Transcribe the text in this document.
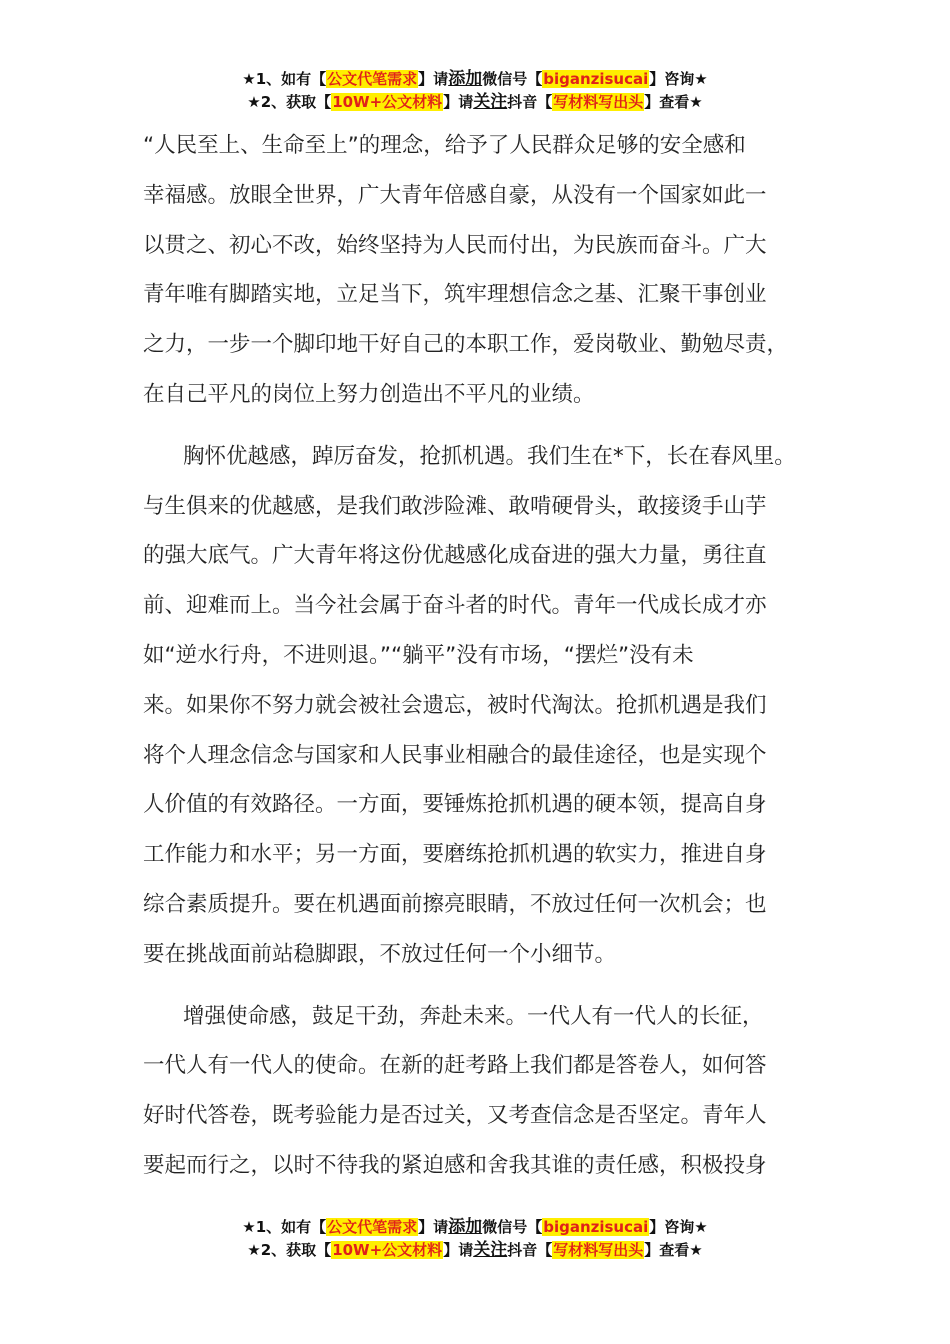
★1、如有【公文代笔需求】请添加微信号【biganzisucai】咨询★
★2、获取【10W+公文材料】请关注抖音【写材料写出头】查看★

“人民至上、生命至上”的理念，给予了人民群众足够的安全感和
幸福感。放眼全世界，广大青年倍感自豪，从没有一个国家如此一
以贯之、初心不改，始终坚持为人民而付出，为民族而奋斗。广大
青年唯有脚踏实地，立足当下，筑牢理想信念之基、汇聚干事创业
之力，一步一个脚印地干好自己的本职工作，爱岗敬业、勤勉尽责，
在自己平凡的岗位上努力创造出不平凡的业绩。

胸怀优越感，踔厉奋发，抢抓机遇。我们生在*下，长在春风里。
与生俱来的优越感，是我们敢涉险滩、敢啃硬骨头，敢接烫手山芋
的强大底气。广大青年将这份优越感化成奋进的强大力量，勇往直
前、迎难而上。当今社会属于奋斗者的时代。青年一代成长成才亦
如“逆水行舟，不进则退。”“躺平”没有市场，“摆烂”没有未
来。如果你不努力就会被社会遗忘，被时代淘汰。抢抓机遇是我们
将个人理念信念与国家和人民事业相融合的最佳途径，也是实现个
人价值的有效路径。一方面，要锤炼抢抓机遇的硬本领，提高自身
工作能力和水平；另一方面，要磨练抢抓机遇的软实力，推进自身
综合素质提升。要在机遇面前擦亮眼睛，不放过任何一次机会；也
要在挑战面前站稳脚跟，不放过任何一个小细节。

增强使命感，鼓足干劲，奔赴未来。一代人有一代人的长征，
一代人有一代人的使命。在新的赶考路上我们都是答卷人，如何答
好时代答卷，既考验能力是否过关，又考查信念是否坚定。青年人
要起而行之，以时不待我的紧迫感和舍我其谁的责任感，积极投身

★1、如有【公文代笔需求】请添加微信号【biganzisucai】咨询★
★2、获取【10W+公文材料】请关注抖音【写材料写出头】查看★
